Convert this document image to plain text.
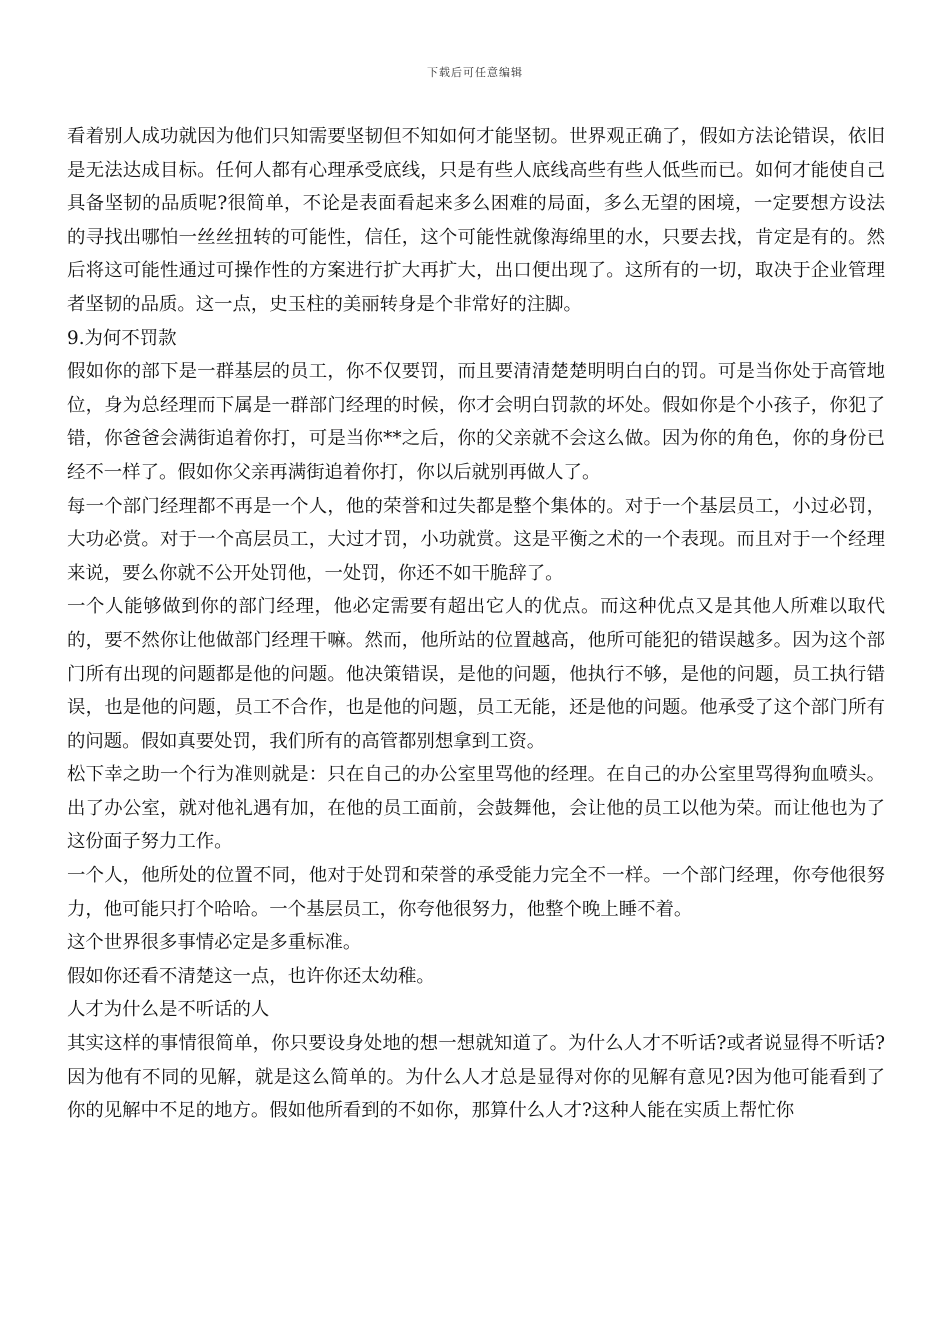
下载后可任意编辑

看着别人成功就因为他们只知需要坚韧但不知如何才能坚韧。世界观正确了，假如方法论错误，依旧是无法达成目标。任何人都有心理承受底线，只是有些人底线高些有些人低些而已。如何才能使自己具备坚韧的品质呢?很简单，不论是表面看起来多么困难的局面，多么无望的困境，一定要想方设法的寻找出哪怕一丝丝扭转的可能性，信任，这个可能性就像海绵里的水，只要去找，肯定是有的。然后将这可能性通过可操作性的方案进行扩大再扩大，出口便出现了。这所有的一切，取决于企业管理者坚韧的品质。这一点，史玉柱的美丽转身是个非常好的注脚。

9.为何不罚款

假如你的部下是一群基层的员工，你不仅要罚，而且要清清楚楚明明白白的罚。可是当你处于高管地位，身为总经理而下属是一群部门经理的时候，你才会明白罚款的坏处。假如你是个小孩子，你犯了错，你爸爸会满街追着你打，可是当你**之后，你的父亲就不会这么做。因为你的角色，你的身份已经不一样了。假如你父亲再满街追着你打，你以后就别再做人了。

每一个部门经理都不再是一个人，他的荣誉和过失都是整个集体的。对于一个基层员工，小过必罚，大功必赏。对于一个高层员工，大过才罚，小功就赏。这是平衡之术的一个表现。而且对于一个经理来说，要么你就不公开处罚他，一处罚，你还不如干脆辞了。

一个人能够做到你的部门经理，他必定需要有超出它人的优点。而这种优点又是其他人所难以取代的，要不然你让他做部门经理干嘛。然而，他所站的位置越高，他所可能犯的错误越多。因为这个部门所有出现的问题都是他的问题。他决策错误，是他的问题，他执行不够，是他的问题，员工执行错误，也是他的问题，员工不合作，也是他的问题，员工无能，还是他的问题。他承受了这个部门所有的问题。假如真要处罚，我们所有的高管都别想拿到工资。

松下幸之助一个行为准则就是：只在自己的办公室里骂他的经理。在自己的办公室里骂得狗血喷头。出了办公室，就对他礼遇有加，在他的员工面前，会鼓舞他，会让他的员工以他为荣。而让他也为了这份面子努力工作。

一个人，他所处的位置不同，他对于处罚和荣誉的承受能力完全不一样。一个部门经理，你夸他很努力，他可能只打个哈哈。一个基层员工，你夸他很努力，他整个晚上睡不着。

这个世界很多事情必定是多重标准。

假如你还看不清楚这一点，也许你还太幼稚。

人才为什么是不听话的人

其实这样的事情很简单，你只要设身处地的想一想就知道了。为什么人才不听话?或者说显得不听话?因为他有不同的见解，就是这么简单的。为什么人才总是显得对你的见解有意见?因为他可能看到了你的见解中不足的地方。假如他所看到的不如你，那算什么人才?这种人能在实质上帮忙你
